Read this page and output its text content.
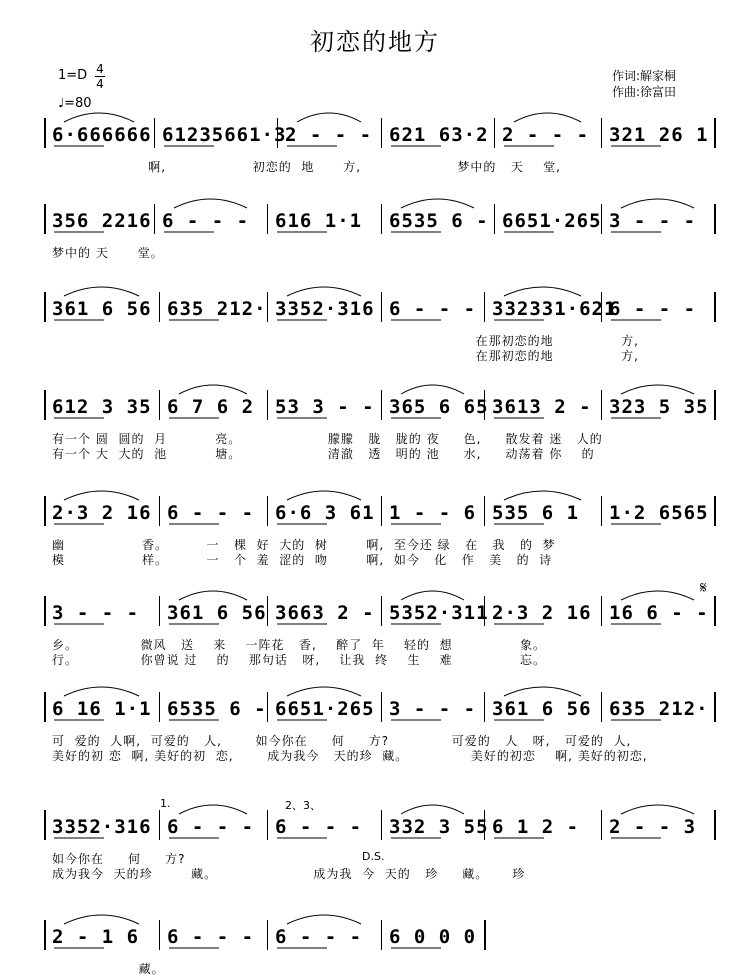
初恋的地方
1=D 4
4
♩=80
作词:解家桐
作曲:徐富田
6·666666 61235661·3
2 - - - 621 63·2 2 - - - 321 26 1
啊,                  初恋的  地      方,                    梦中的   天    堂,
356 2216 6 - - - 616 1·1 6535 6 - 6651·265 3 - - -
梦中的 天      堂。
361 6 56 635 212· 3352·316 6 - - - 332331·621
6 - - -
在那初恋的地              方,
在那初恋的地              方,
612 3 35 6 7 6 2 53 3 - - 365 6 65 3613 2 - 323 5 35
有一个 圆  圆的  月          亮。                  朦朦   胧   胧的 夜     色,     散发着 迷   人的
有一个 大  大的  池          塘。                  清澈   透   明的 池     水,     动荡着 你    的
2·3 2 16 6 - - - 6·6 3 61 1 - - 6 535 6 1 1·2 6565
幽                香。        一   棵  好  大的  树        啊,  至今还 绿   在   我   的  梦
模                样。        一   个  羞  涩的  吻        啊,  如今   化   作   美   的  诗
3 - - - 361 6 56 3663 2 - 5352·311 2·3 2 16 16 6 - -
乡。             微风   送    来    一阵花   香,    醉了  年    轻的  想              象。
行。             你曾说 过    的    那句话   呀,    让我  终    生    难              忘。
6 16 1·1 6535 6 - 6651·265 3 - - - 361 6 56 635 212·
可  爱的  人啊,  可爱的   人,       如今你在     何     方?             可爱的   人   呀,   可爱的  人,
美好的初 恋  啊, 美好的初  恋,       成为我今   天的珍  藏。             美好的初恋    啊, 美好的初恋,
3352·316 6 - - - 6 - - - 332 3 55 6 1 2 - 2 - - 3
如今你在     何     方?
成为我今  天的珍        藏。                    成为我  今  天的   珍     藏。     珍
2 - 1 6 6 - - - 6 - - - 6 0 0 0
藏。
𝄋
D.S.
1.	2、3、
